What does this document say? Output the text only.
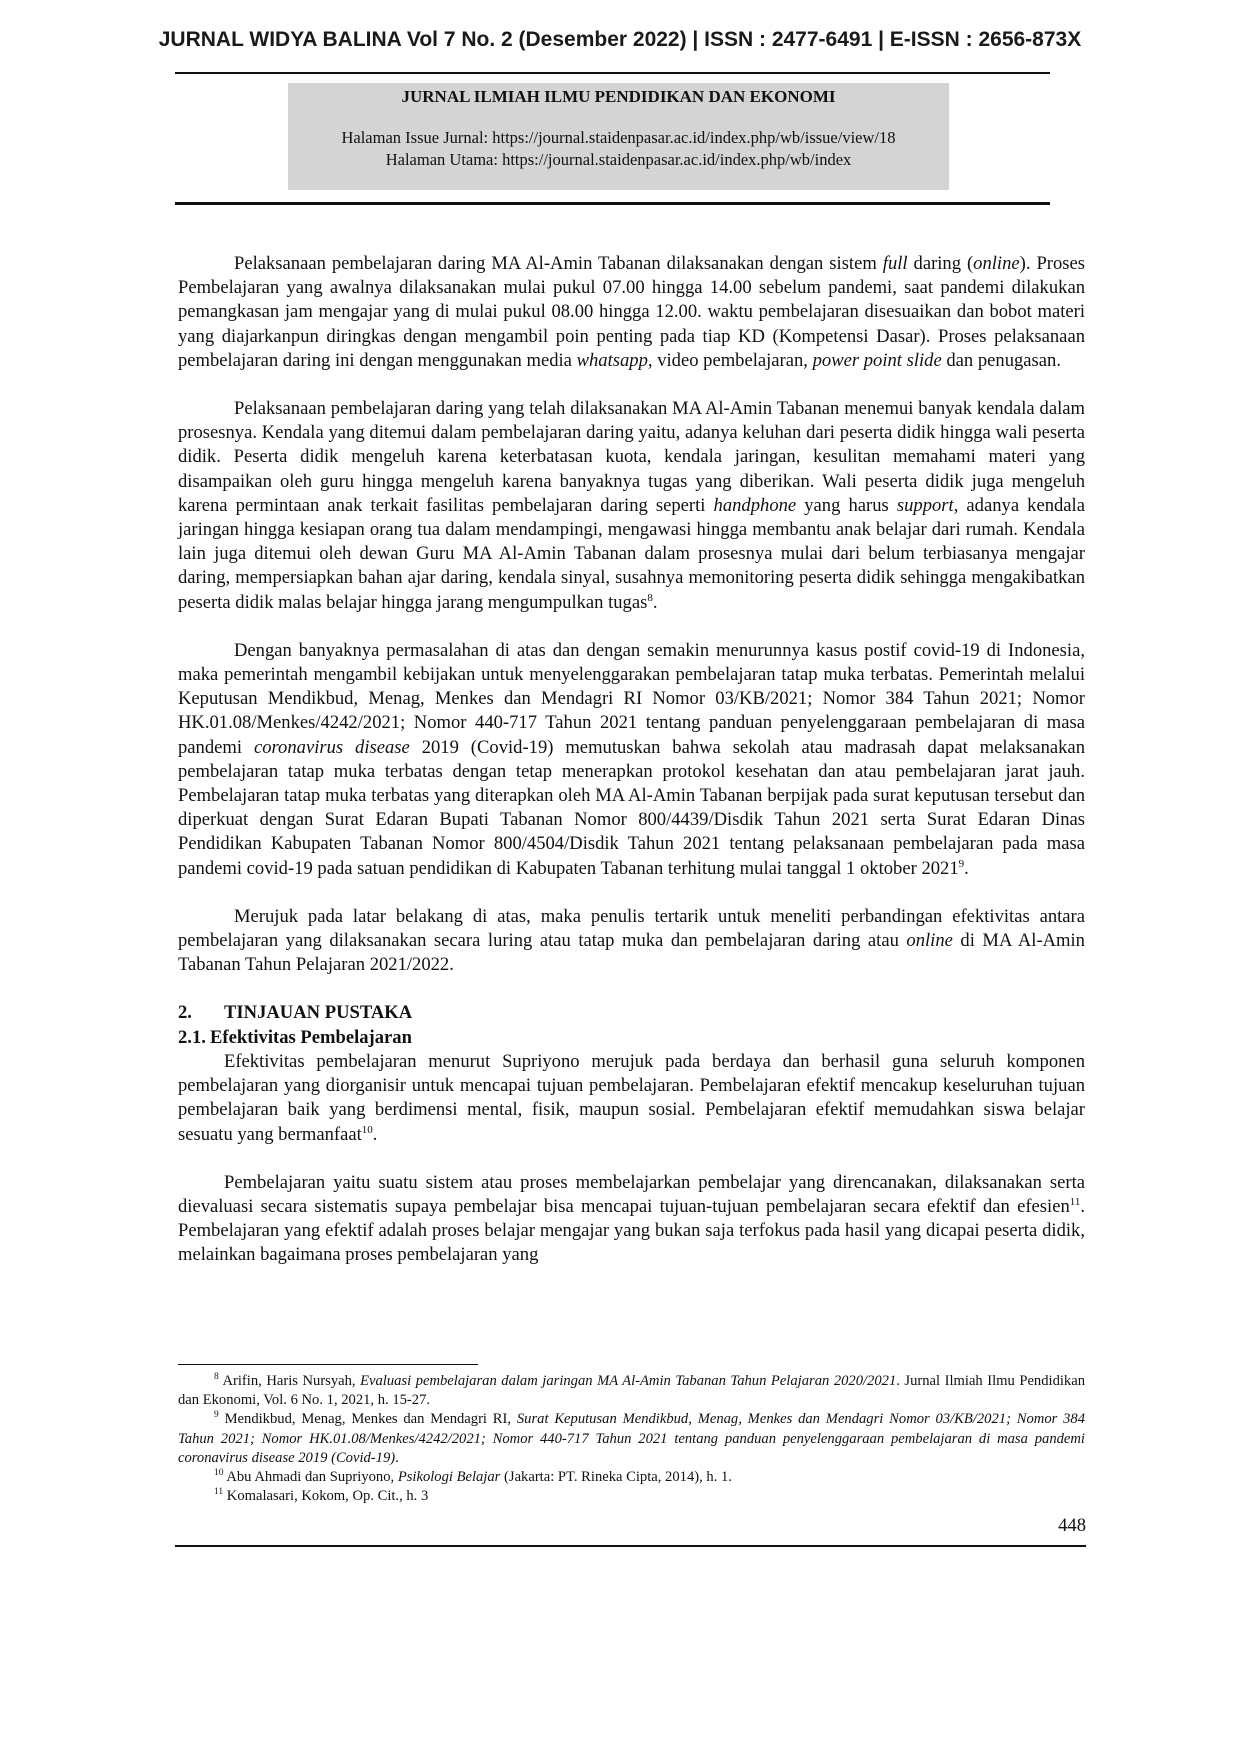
JURNAL WIDYA BALINA Vol 7 No. 2 (Desember 2022) | ISSN : 2477-6491 | E-ISSN : 2656-873X
JURNAL ILMIAH ILMU PENDIDIKAN DAN EKONOMI
Halaman Issue Jurnal: https://journal.staidenpasar.ac.id/index.php/wb/issue/view/18
Halaman Utama: https://journal.staidenpasar.ac.id/index.php/wb/index

Pelaksanaan pembelajaran daring MA Al-Amin Tabanan dilaksanakan dengan sistem full daring (online). Proses Pembelajaran yang awalnya dilaksanakan mulai pukul 07.00 hingga 14.00 sebelum pandemi, saat pandemi dilakukan pemangkasan jam mengajar yang di mulai pukul 08.00 hingga 12.00. waktu pembelajaran disesuaikan dan bobot materi yang diajarkanpun diringkas dengan mengambil poin penting pada tiap KD (Kompetensi Dasar). Proses pelaksanaan pembelajaran daring ini dengan menggunakan media whatsapp, video pembelajaran, power point slide dan penugasan.

Pelaksanaan pembelajaran daring yang telah dilaksanakan MA Al-Amin Tabanan menemui banyak kendala dalam prosesnya. Kendala yang ditemui dalam pembelajaran daring yaitu, adanya keluhan dari peserta didik hingga wali peserta didik. Peserta didik mengeluh karena keterbatasan kuota, kendala jaringan, kesulitan memahami materi yang disampaikan oleh guru hingga mengeluh karena banyaknya tugas yang diberikan. Wali peserta didik juga mengeluh karena permintaan anak terkait fasilitas pembelajaran daring seperti handphone yang harus support, adanya kendala jaringan hingga kesiapan orang tua dalam mendampingi, mengawasi hingga membantu anak belajar dari rumah. Kendala lain juga ditemui oleh dewan Guru MA Al-Amin Tabanan dalam prosesnya mulai dari belum terbiasanya mengajar daring, mempersiapkan bahan ajar daring, kendala sinyal, susahnya memonitoring peserta didik sehingga mengakibatkan peserta didik malas belajar hingga jarang mengumpulkan tugas$^8$.

Dengan banyaknya permasalahan di atas dan dengan semakin menurunnya kasus postif covid-19 di Indonesia, maka pemerintah mengambil kebijakan untuk menyelenggarakan pembelajaran tatap muka terbatas. Pemerintah melalui Keputusan Mendikbud, Menag, Menkes dan Mendagri RI Nomor 03/KB/2021; Nomor 384 Tahun 2021; Nomor HK.01.08/Menkes/4242/2021; Nomor 440-717 Tahun 2021 tentang panduan penyelenggaraan pembelajaran di masa pandemi coronavirus disease 2019 (Covid-19) memutuskan bahwa sekolah atau madrasah dapat melaksanakan pembelajaran tatap muka terbatas dengan tetap menerapkan protokol kesehatan dan atau pembelajaran jarat jauh. Pembelajaran tatap muka terbatas yang diterapkan oleh MA Al-Amin Tabanan berpijak pada surat keputusan tersebut dan diperkuat dengan Surat Edaran Bupati Tabanan Nomor 800/4439/Disdik Tahun 2021 serta Surat Edaran Dinas Pendidikan Kabupaten Tabanan Nomor 800/4504/Disdik Tahun 2021 tentang pelaksanaan pembelajaran pada masa pandemi covid-19 pada satuan pendidikan di Kabupaten Tabanan terhitung mulai tanggal 1 oktober 2021$^9$.

Merujuk pada latar belakang di atas, maka penulis tertarik untuk meneliti perbandingan efektivitas antara pembelajaran yang dilaksanakan secara luring atau tatap muka dan pembelajaran daring atau online di MA Al-Amin Tabanan Tahun Pelajaran 2021/2022.

2. TINJAUAN PUSTAKA

2.1. Efektivitas Pembelajaran

Efektivitas pembelajaran menurut Supriyono merujuk pada berdaya dan berhasil guna seluruh komponen pembelajaran yang diorganisir untuk mencapai tujuan pembelajaran. Pembelajaran efektif mencakup keseluruhan tujuan pembelajaran baik yang berdimensi mental, fisik, maupun sosial. Pembelajaran efektif memudahkan siswa belajar sesuatu yang bermanfaat$^{10}$.

Pembelajaran yaitu suatu sistem atau proses membelajarkan pembelajar yang direncanakan, dilaksanakan serta dievaluasi secara sistematis supaya pembelajar bisa mencapai tujuan-tujuan pembelajaran secara efektif dan efesien$^{11}$. Pembelajaran yang efektif adalah proses belajar mengajar yang bukan saja terfokus pada hasil yang dicapai peserta didik, melainkan bagaimana proses pembelajaran yang

$^8$ Arifin, Haris Nursyah, Evaluasi pembelajaran dalam jaringan MA Al-Amin Tabanan Tahun Pelajaran 2020/2021. Jurnal Ilmiah Ilmu Pendidikan dan Ekonomi, Vol. 6 No. 1, 2021, h. 15-27.

$^9$ Mendikbud, Menag, Menkes dan Mendagri RI, Surat Keputusan Mendikbud, Menag, Menkes dan Mendagri Nomor 03/KB/2021; Nomor 384 Tahun 2021; Nomor HK.01.08/Menkes/4242/2021; Nomor 440-717 Tahun 2021 tentang panduan penyelenggaraan pembelajaran di masa pandemi coronavirus disease 2019 (Covid-19).

$^{10}$ Abu Ahmadi dan Supriyono, Psikologi Belajar (Jakarta: PT. Rineka Cipta, 2014), h. 1.

$^{11}$ Komalasari, Kokom, Op. Cit., h. 3

448
